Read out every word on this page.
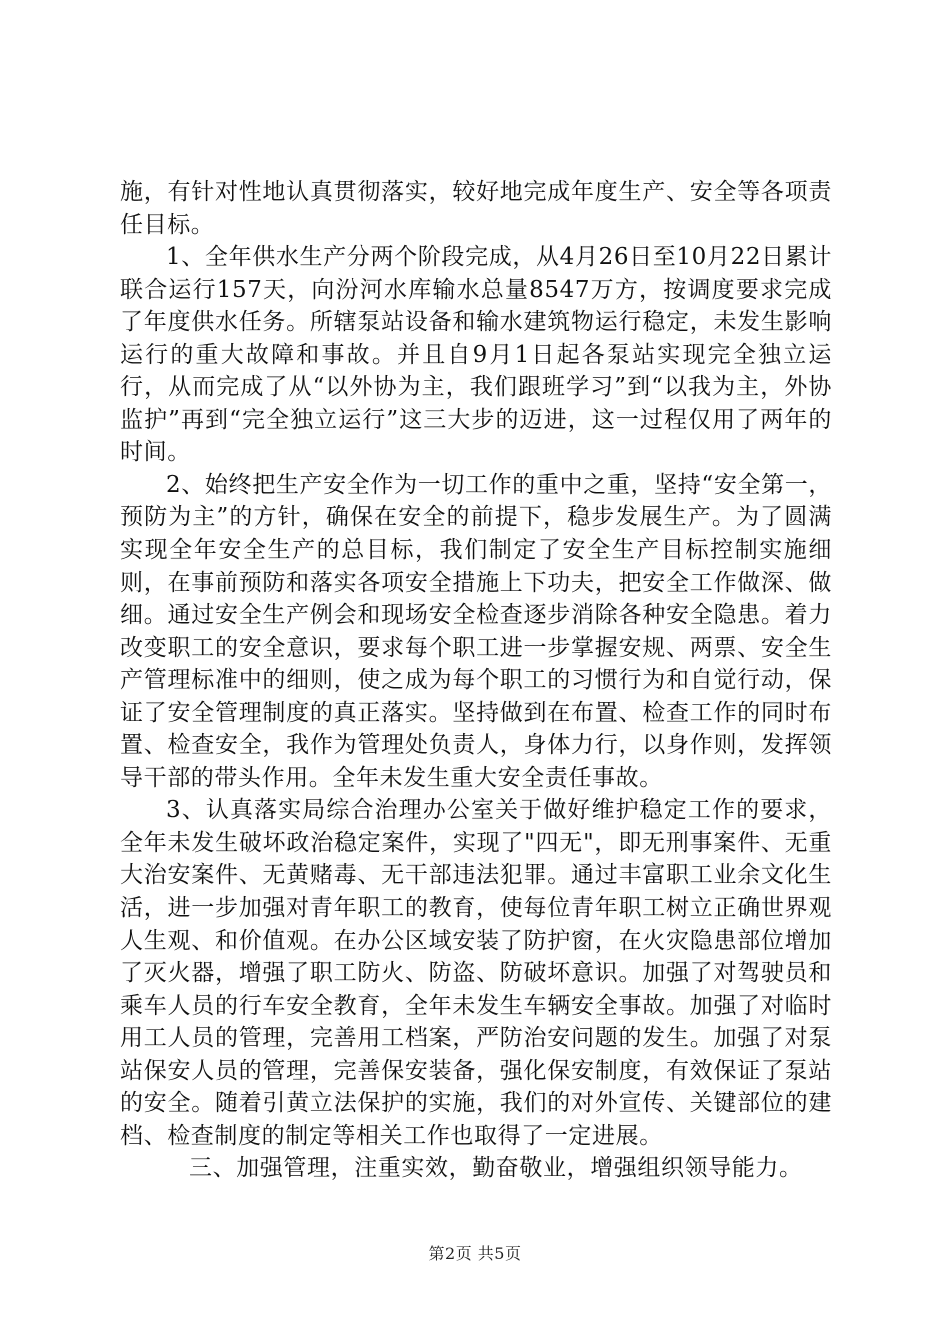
施，有针对性地认真贯彻落实，较好地完成年度生产、安全等各项责任目标。

1、全年供水生产分两个阶段完成，从4月26日至10月22日累计联合运行157天，向汾河水库输水总量8547万方，按调度要求完成了年度供水任务。所辖泵站设备和输水建筑物运行稳定，未发生影响运行的重大故障和事故。并且自9月1日起各泵站实现完全独立运行，从而完成了从“以外协为主，我们跟班学习”到“以我为主，外协监护”再到“完全独立运行”这三大步的迈进，这一过程仅用了两年的时间。

2、始终把生产安全作为一切工作的重中之重，坚持“安全第一，预防为主”的方针，确保在安全的前提下，稳步发展生产。为了圆满实现全年安全生产的总目标，我们制定了安全生产目标控制实施细则，在事前预防和落实各项安全措施上下功夫，把安全工作做深、做细。通过安全生产例会和现场安全检查逐步消除各种安全隐患。着力改变职工的安全意识，要求每个职工进一步掌握安规、两票、安全生产管理标准中的细则，使之成为每个职工的习惯行为和自觉行动，保证了安全管理制度的真正落实。坚持做到在布置、检查工作的同时布置、检查安全，我作为管理处负责人，身体力行，以身作则，发挥领导干部的带头作用。全年未发生重大安全责任事故。

3、认真落实局综合治理办公室关于做好维护稳定工作的要求，全年未发生破坏政治稳定案件，实现了"四无"，即无刑事案件、无重大治安案件、无黄赌毒、无干部违法犯罪。通过丰富职工业余文化生活，进一步加强对青年职工的教育，使每位青年职工树立正确世界观人生观、和价值观。在办公区域安装了防护窗，在火灾隐患部位增加了灭火器，增强了职工防火、防盗、防破坏意识。加强了对驾驶员和乘车人员的行车安全教育，全年未发生车辆安全事故。加强了对临时用工人员的管理，完善用工档案，严防治安问题的发生。加强了对泵站保安人员的管理，完善保安装备，强化保安制度，有效保证了泵站的安全。随着引黄立法保护的实施，我们的对外宣传、关键部位的建档、检查制度的制定等相关工作也取得了一定进展。

三、加强管理，注重实效，勤奋敬业，增强组织领导能力。

第2页 共5页
